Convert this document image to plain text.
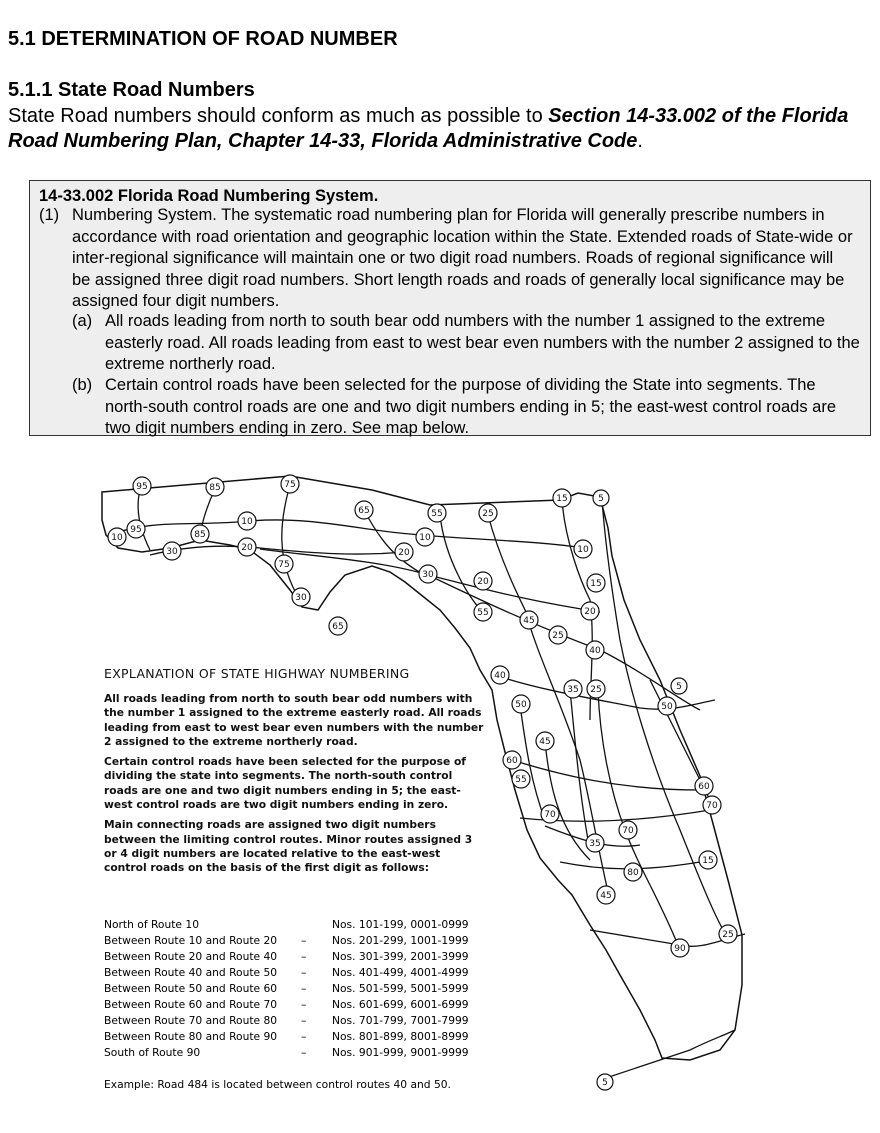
5.1 DETERMINATION OF ROAD NUMBER
5.1.1 State Road Numbers
State Road numbers should conform as much as possible to Section 14-33.002 of the Florida Road Numbering Plan, Chapter 14-33, Florida Administrative Code.
14-33.002 Florida Road Numbering System.

(1) Numbering System. The systematic road numbering plan for Florida will generally prescribe numbers in accordance with road orientation and geographic location within the State. Extended roads of State-wide or inter-regional significance will maintain one or two digit road numbers. Roads of regional significance will be assigned three digit road numbers. Short length roads and roads of generally local significance may be assigned four digit numbers.

(a) All roads leading from north to south bear odd numbers with the number 1 assigned to the extreme easterly road. All roads leading from east to west bear even numbers with the number 2 assigned to the extreme northerly road.

(b) Certain control roads have been selected for the purpose of dividing the State into segments. The north-south control roads are one and two digit numbers ending in 5; the east-west control roads are two digit numbers ending in zero. See map below.

95	85	75
65	55	25
15	5
10
95	85
10
30	20
75
20
10
30
30
65
20
55
45
10
15
20
25
40
40
35 25	5
50	50
45
60
55
60
70
70
70
35
15
80
45
90
25
5
EXPLANATION OF STATE HIGHWAY NUMBERING

All roads leading from north to south bear odd numbers with the number 1 assigned to the extreme easterly road. All roads leading from east to west bear even numbers with the number 2 assigned to the extreme northerly road.

Certain control roads have been selected for the purpose of dividing the state into segments. The north-south control roads are one and two digit numbers ending in 5; the east-west control roads are two digit numbers ending in zero.

Main connecting roads are assigned two digit numbers between the limiting control routes. Minor routes assigned 3 or 4 digit numbers are located relative to the east-west control roads on the basis of the first digit as follows:

North of Route 10	Nos. 101-199, 0001-0999
Between Route 10 and Route 20 – Nos. 201-299, 1001-1999
Between Route 20 and Route 40 – Nos. 301-399, 2001-3999
Between Route 40 and Route 50 – Nos. 401-499, 4001-4999
Between Route 50 and Route 60 – Nos. 501-599, 5001-5999
Between Route 60 and Route 70 – Nos. 601-699, 6001-6999
Between Route 70 and Route 80 – Nos. 701-799, 7001-7999
Between Route 80 and Route 90 – Nos. 801-899, 8001-8999
South of Route 90	– Nos. 901-999, 9001-9999
Example: Road 484 is located between control routes 40 and 50.
